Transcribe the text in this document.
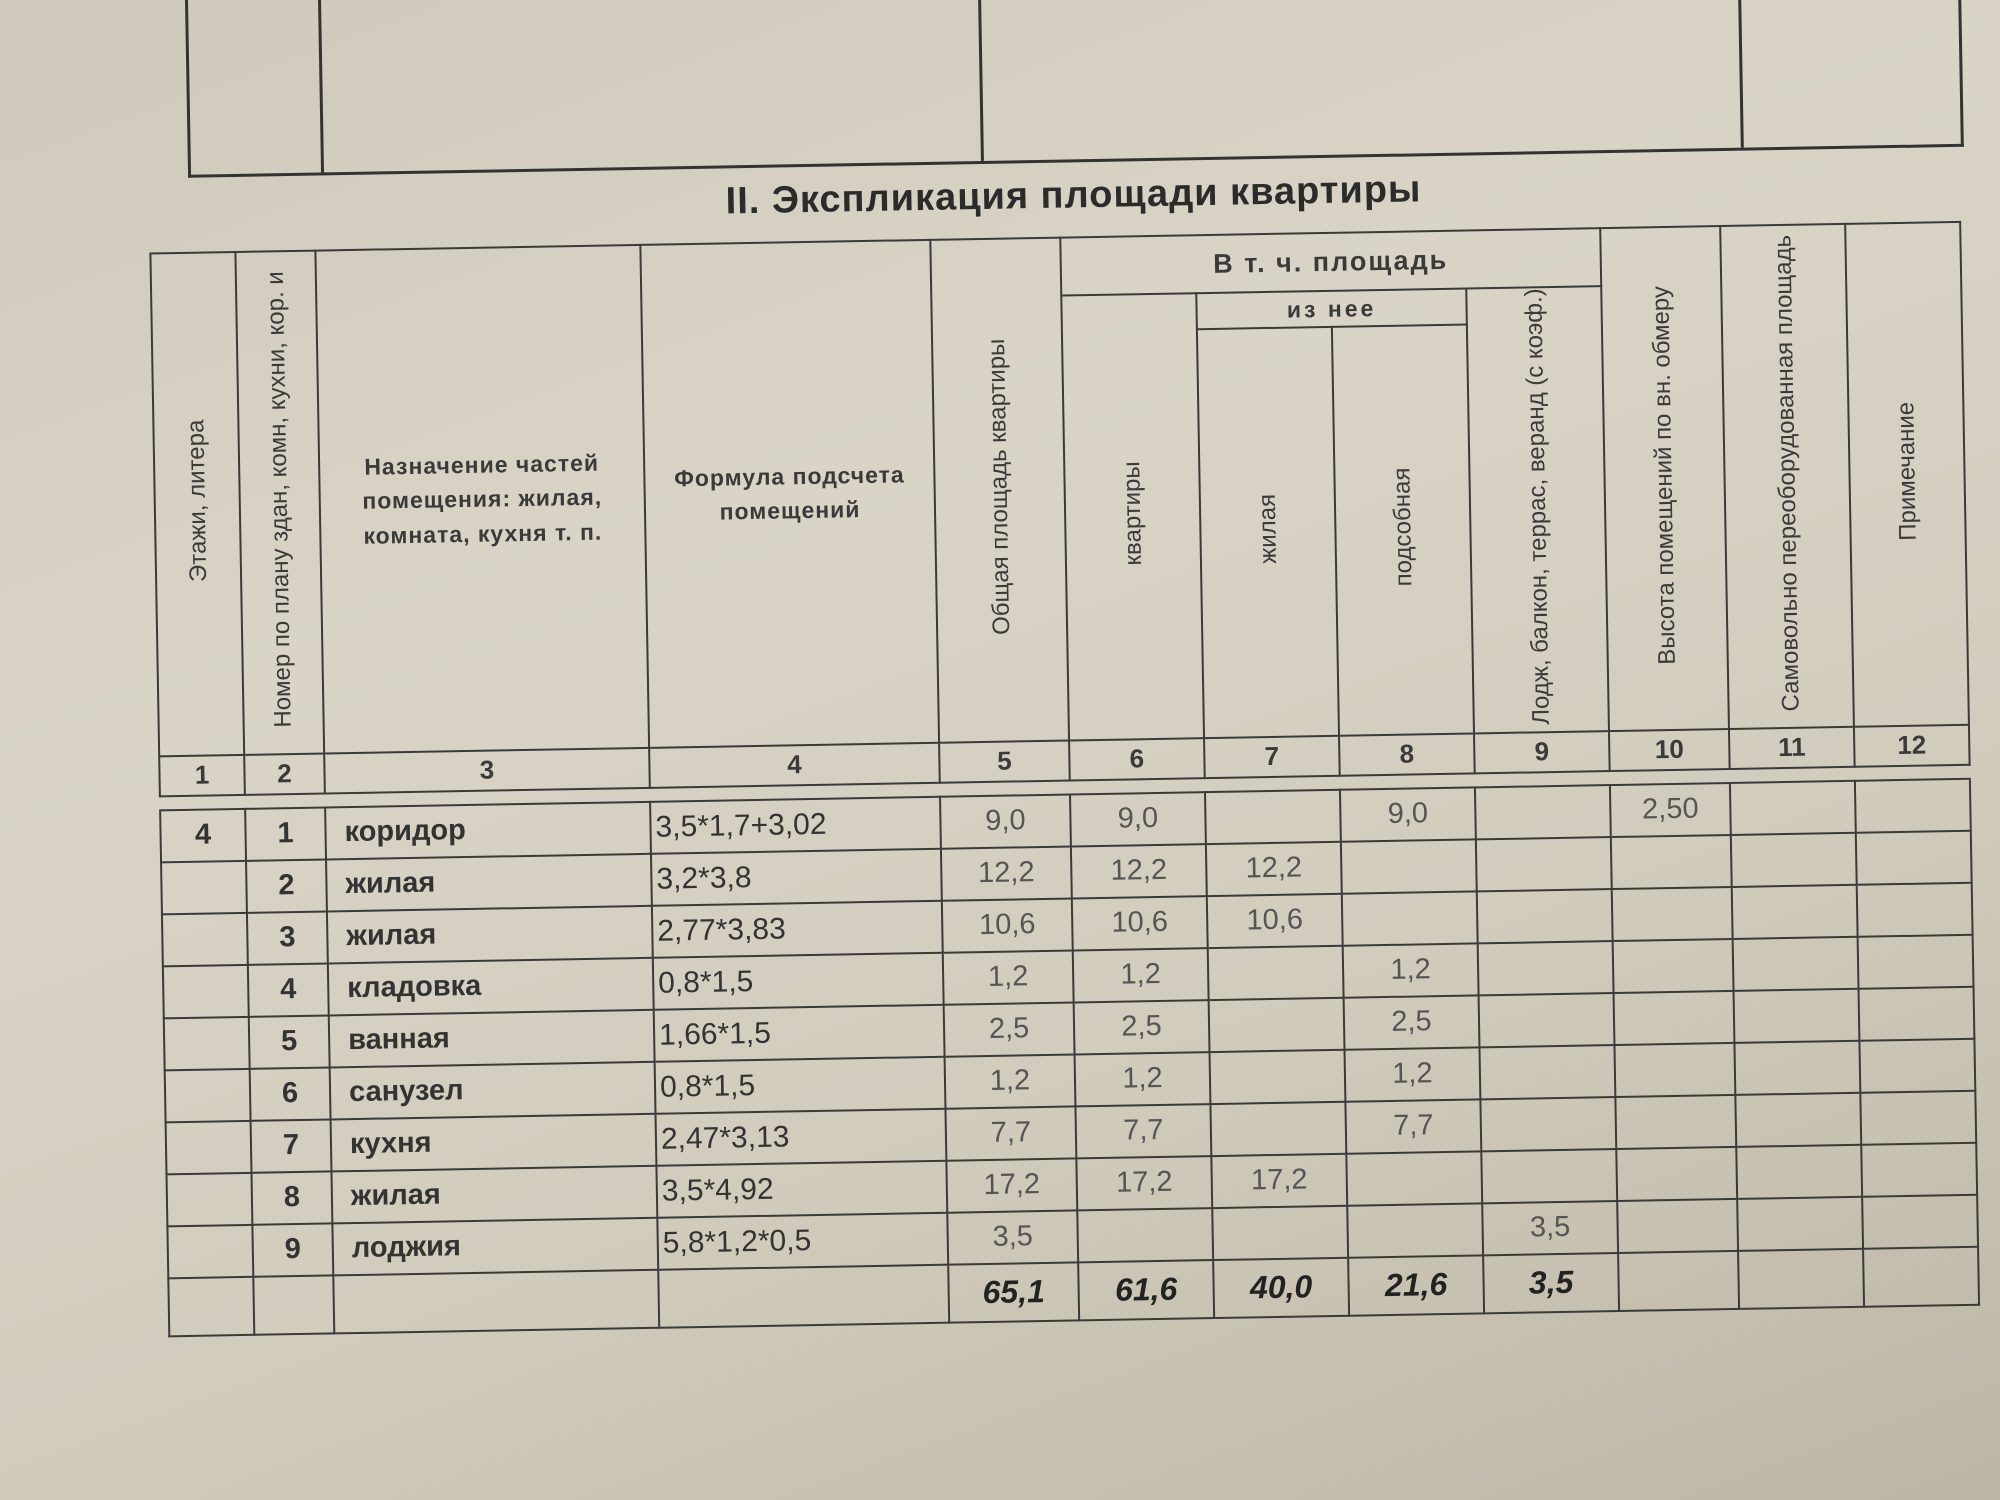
II. Экспликация площади квартиры
Этажи, литера	Номер по плану здан, комн, кухни, кор. и	Назначение частей помещения: жилая, комната, кухня т. п.	Формула подсчета помещений	Общая площадь квартиры	В т. ч. площадь				Высота помещений по вн. обмеру	Самовольно переоборудованная площадь	Примечание
					квартиры	из нее		Лодж, балкон, террас, веранд (с коэф.)			
						жилая	подсобная				
1	2	3	4	5	6	7	8	9	10	11	12

4	1	коридор	3,5*1,7+3,02	9,0	9,0		9,0		2,50		
	2	жилая	3,2*3,8	12,2	12,2	12,2					
	3	жилая	2,77*3,83	10,6	10,6	10,6					
	4	кладовка	0,8*1,5	1,2	1,2		1,2				
	5	ванная	1,66*1,5	2,5	2,5		2,5				
	6	санузел	0,8*1,5	1,2	1,2		1,2				
	7	кухня	2,47*3,13	7,7	7,7		7,7				
	8	жилая	3,5*4,92	17,2	17,2	17,2					
	9	лоджия	5,8*1,2*0,5	3,5				3,5			
				65,1	61,6	40,0	21,6	3,5			
